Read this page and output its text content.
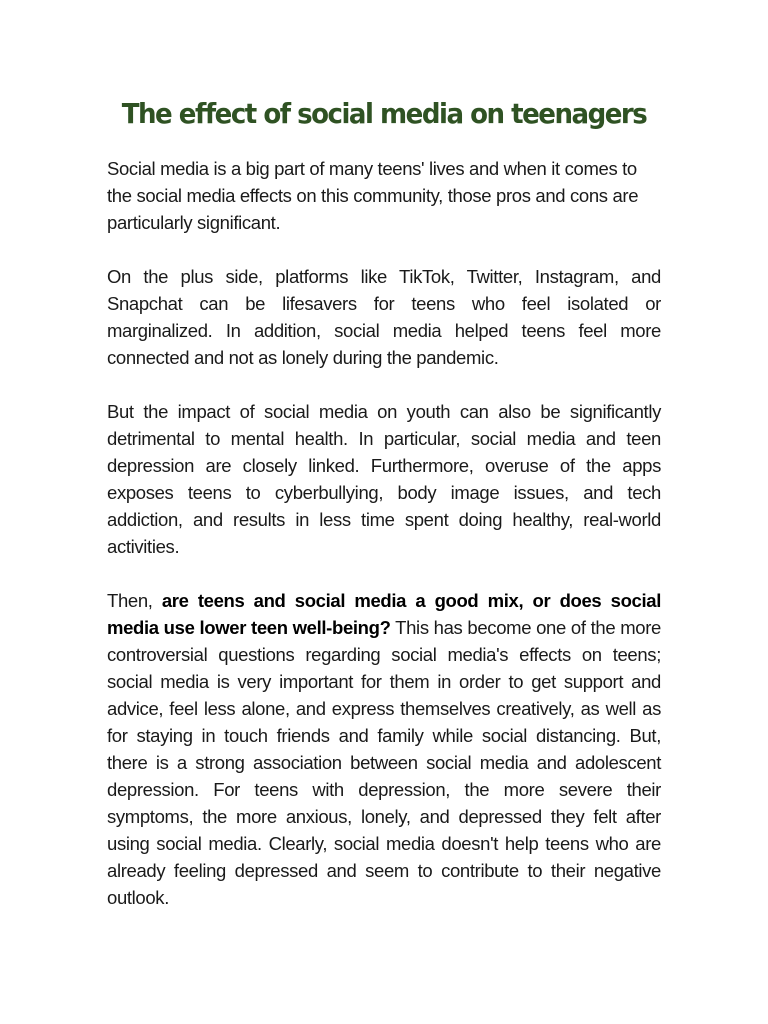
The effect of social media on teenagers

Social media is a big part of many teens' lives and when it comes to the social media effects on this community, those pros and cons are particularly significant.

On the plus side, platforms like TikTok, Twitter, Instagram, and Snapchat can be lifesavers for teens who feel isolated or marginalized. In addition, social media helped teens feel more connected and not as lonely during the pandemic.

But the impact of social media on youth can also be significantly detrimental to mental health. In particular, social media and teen depression are closely linked. Furthermore, overuse of the apps exposes teens to cyberbullying, body image issues, and tech addiction, and results in less time spent doing healthy, real-world activities.

Then, are teens and social media a good mix, or does social media use lower teen well-being? This has become one of the more controversial questions regarding social media's effects on teens; social media is very important for them in order to get support and advice, feel less alone, and express themselves creatively, as well as for staying in touch friends and family while social distancing. But, there is a strong association between social media and adolescent depression. For teens with depression, the more severe their symptoms, the more anxious, lonely, and depressed they felt after using social media. Clearly, social media doesn't help teens who are already feeling depressed and seem to contribute to their negative outlook.
